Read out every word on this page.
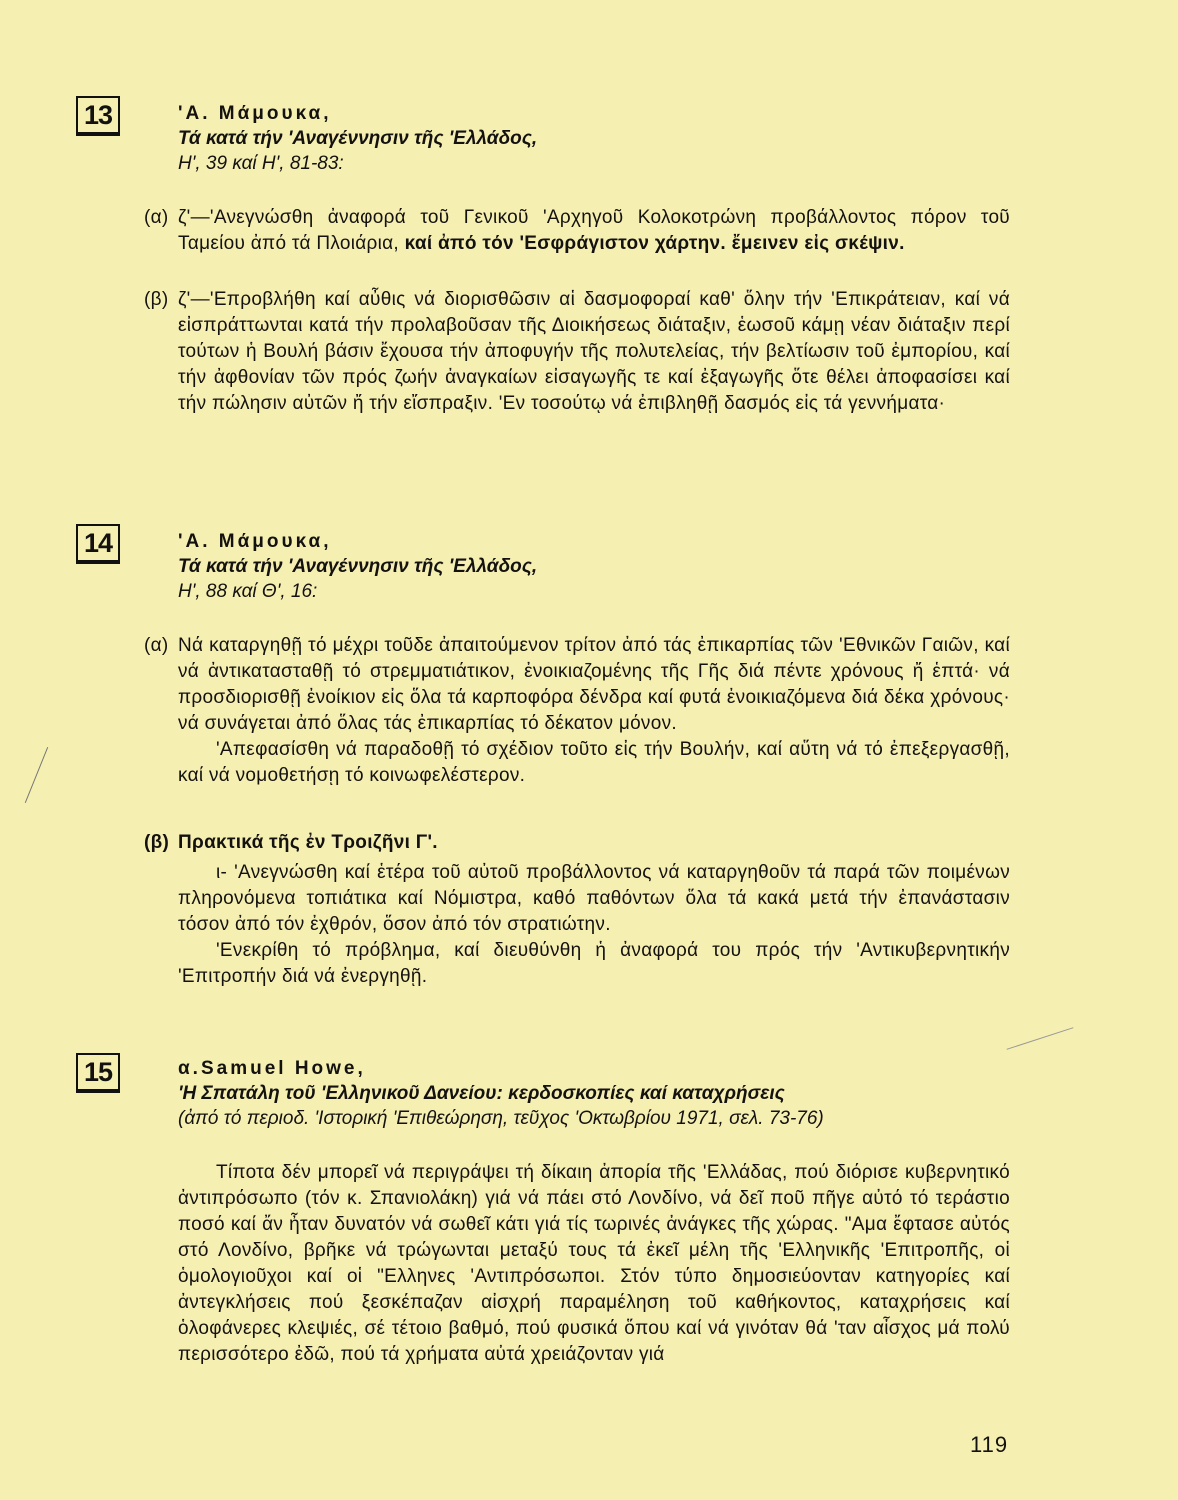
13	'Α. Μάμουκα,
Τά κατά τήν 'Αναγέννησιν τῆς 'Ελλάδος,
Η', 39 καί Η', 81-83:
(α) ζ'—'Ανεγνώσθη ἀναφορά τοῦ Γενικοῦ 'Αρχηγοῦ Κολοκοτρώνη προβάλλοντος πόρον τοῦ Ταμείου ἀπό τά Πλοιάρια, καί ἀπό τόν 'Εσφράγιστον χάρτην. ἔμεινεν εἰς σκέψιν.
(β) ζ'—'Επροβλήθη καί αὖθις νά διορισθῶσιν αἱ δασμοφοραί καθ' ὅλην τήν 'Επικράτειαν, καί νά εἰσπράττωνται κατά τήν προλαβοῦσαν τῆς Διοικήσεως διάταξιν, ἑωσοῦ κάμῃ νέαν διάταξιν περί τούτων ἡ Βουλή βάσιν ἔχουσα τήν ἀποφυγήν τῆς πολυτελείας, τήν βελτίωσιν τοῦ ἐμπορίου, καί τήν ἀφθονίαν τῶν πρός ζωήν ἀναγκαίων εἰσαγωγῆς τε καί ἐξαγωγῆς ὅτε θέλει ἀποφασίσει καί τήν πώλησιν αὐτῶν ἤ τήν εἴσπραξιν. 'Εν τοσούτῳ νά ἐπιβληθῇ δασμός εἰς τά γεννήματα·
14	'Α. Μάμουκα,
Τά κατά τήν 'Αναγέννησιν τῆς 'Ελλάδος,
Η', 88 καί Θ', 16:
(α) Νά καταργηθῇ τό μέχρι τοῦδε ἀπαιτούμενον τρίτον ἀπό τάς ἐπικαρπίας τῶν 'Εθνικῶν Γαιῶν, καί νά ἀντικατασταθῇ τό στρεμματιάτικον, ἐνοικιαζομένης τῆς Γῆς διά πέντε χρόνους ἤ ἑπτά· νά προσδιορισθῇ ἐνοίκιον εἰς ὅλα τά καρποφόρα δένδρα καί φυτά ἐνοικιαζόμενα διά δέκα χρόνους· νά συνάγεται ἀπό ὅλας τάς ἐπικαρπίας τό δέκατον μόνον.
'Απεφασίσθη νά παραδοθῇ τό σχέδιον τοῦτο εἰς τήν Βουλήν, καί αὕτη νά τό ἐπεξεργασθῇ, καί νά νομοθετήσῃ τό κοινωφελέστερον.
(β) Πρακτικά τῆς ἐν Τροιζῆνι Γ'.
ι- 'Ανεγνώσθη καί ἑτέρα τοῦ αὐτοῦ προβάλλοντος νά καταργηθοῦν τά παρά τῶν ποιμένων πληρονόμενα τοπιάτικα καί Νόμιστρα, καθό παθόντων ὅλα τά κακά μετά τήν ἐπανάστασιν τόσον ἀπό τόν ἐχθρόν, ὅσον ἀπό τόν στρατιώτην.
'Ενεκρίθη τό πρόβλημα, καί διευθύνθη ἡ ἀναφορά του πρός τήν 'Αντικυβερνητικήν 'Επιτροπήν διά νά ἐνεργηθῇ.
15	α.Samuel Howe,
'Η Σπατάλη τοῦ 'Ελληνικοῦ Δανείου: κερδοσκοπίες καί καταχρήσεις
(ἀπό τό περιοδ. 'Ιστορική 'Επιθεώρηση, τεῦχος 'Οκτωβρίου 1971, σελ. 73-76)
Τίποτα δέν μπορεῖ νά περιγράψει τή δίκαιη ἀπορία τῆς 'Ελλάδας, πού διόρισε κυβερνητικό ἀντιπρόσωπο (τόν κ. Σπανιολάκη) γιά νά πάει στό Λονδίνο, νά δεῖ ποῦ πῆγε αὐτό τό τεράστιο ποσό καί ἄν ἦταν δυνατόν νά σωθεῖ κάτι γιά τίς τωρινές ἀνάγκες τῆς χώρας. "Αμα ἔφτασε αὐτός στό Λονδίνο, βρῆκε νά τρώγωνται μεταξύ τους τά ἐκεῖ μέλη τῆς 'Ελληνικῆς 'Επιτροπῆς, οἱ ὁμολογιοῦχοι καί οἱ "Ελληνες 'Αντιπρόσωποι. Στόν τύπο δημοσιεύονταν κατηγορίες καί ἀντεγκλήσεις πού ξεσκέπαζαν αἰσχρή παραμέληση τοῦ καθήκοντος, καταχρήσεις καί ὁλοφάνερες κλεψιές, σέ τέτοιο βαθμό, πού φυσικά ὅπου καί νά γινόταν θά 'ταν αἶσχος μά πολύ περισσότερο ἐδῶ, πού τά χρήματα αὐτά χρειάζονταν γιά
119
